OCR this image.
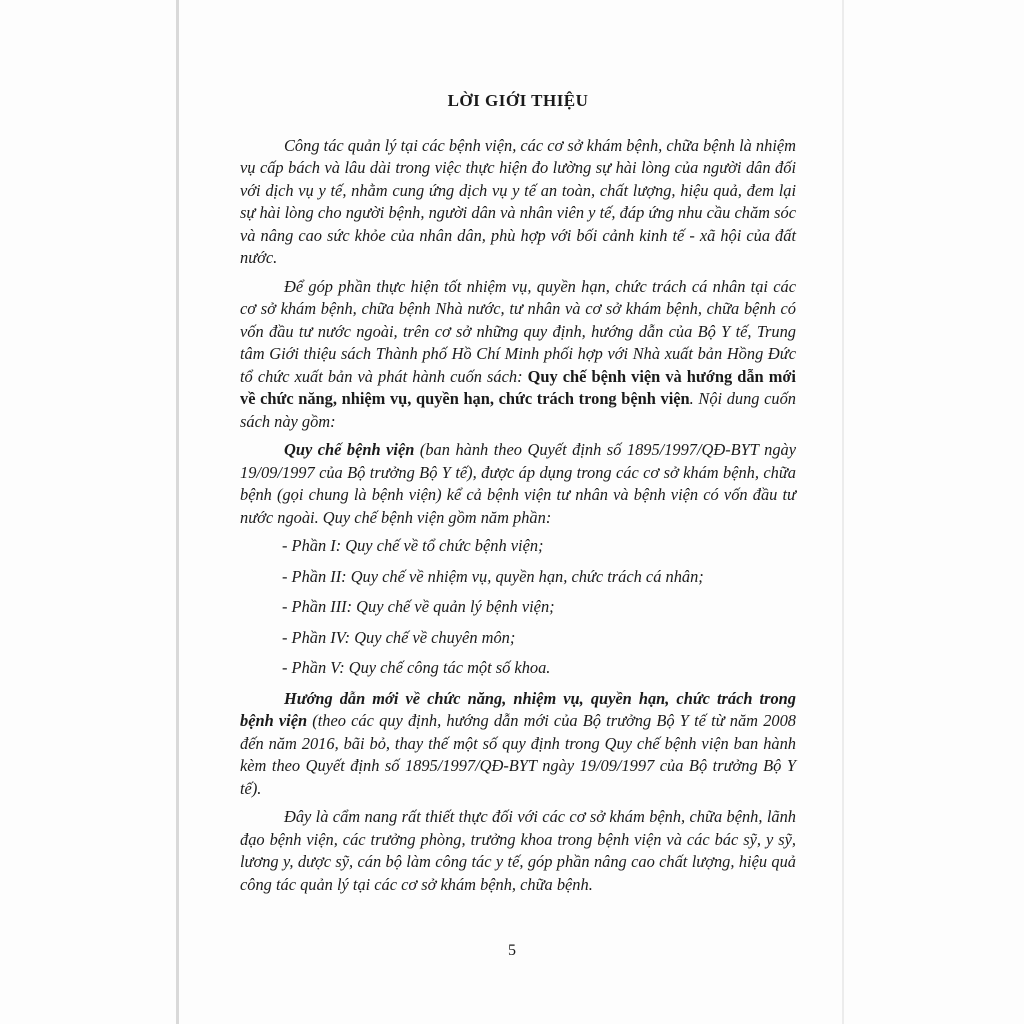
LỜI GIỚI THIỆU

Công tác quản lý tại các bệnh viện, các cơ sở khám bệnh, chữa bệnh là nhiệm vụ cấp bách và lâu dài trong việc thực hiện đo lường sự hài lòng của người dân đối với dịch vụ y tế, nhằm cung ứng dịch vụ y tế an toàn, chất lượng, hiệu quả, đem lại sự hài lòng cho người bệnh, người dân và nhân viên y tế, đáp ứng nhu cầu chăm sóc và nâng cao sức khỏe của nhân dân, phù hợp với bối cảnh kinh tế - xã hội của đất nước.

Để góp phần thực hiện tốt nhiệm vụ, quyền hạn, chức trách cá nhân tại các cơ sở khám bệnh, chữa bệnh Nhà nước, tư nhân và cơ sở khám bệnh, chữa bệnh có vốn đầu tư nước ngoài, trên cơ sở những quy định, hướng dẫn của Bộ Y tế, Trung tâm Giới thiệu sách Thành phố Hồ Chí Minh phối hợp với Nhà xuất bản Hồng Đức tổ chức xuất bản và phát hành cuốn sách: Quy chế bệnh viện và hướng dẫn mới về chức năng, nhiệm vụ, quyền hạn, chức trách trong bệnh viện. Nội dung cuốn sách này gồm:

Quy chế bệnh viện (ban hành theo Quyết định số 1895/1997/QĐ-BYT ngày 19/09/1997 của Bộ trưởng Bộ Y tế), được áp dụng trong các cơ sở khám bệnh, chữa bệnh (gọi chung là bệnh viện) kể cả bệnh viện tư nhân và bệnh viện có vốn đầu tư nước ngoài. Quy chế bệnh viện gồm năm phần:

- Phần I: Quy chế về tổ chức bệnh viện;
- Phần II: Quy chế về nhiệm vụ, quyền hạn, chức trách cá nhân;
- Phần III: Quy chế về quản lý bệnh viện;
- Phần IV: Quy chế về chuyên môn;
- Phần V: Quy chế công tác một số khoa.

Hướng dẫn mới về chức năng, nhiệm vụ, quyền hạn, chức trách trong bệnh viện (theo các quy định, hướng dẫn mới của Bộ trưởng Bộ Y tế từ năm 2008 đến năm 2016, bãi bỏ, thay thế một số quy định trong Quy chế bệnh viện ban hành kèm theo Quyết định số 1895/1997/QĐ-BYT ngày 19/09/1997 của Bộ trưởng Bộ Y tế).

Đây là cẩm nang rất thiết thực đối với các cơ sở khám bệnh, chữa bệnh, lãnh đạo bệnh viện, các trưởng phòng, trưởng khoa trong bệnh viện và các bác sỹ, y sỹ, lương y, dược sỹ, cán bộ làm công tác y tế, góp phần nâng cao chất lượng, hiệu quả công tác quản lý tại các cơ sở khám bệnh, chữa bệnh.

5
